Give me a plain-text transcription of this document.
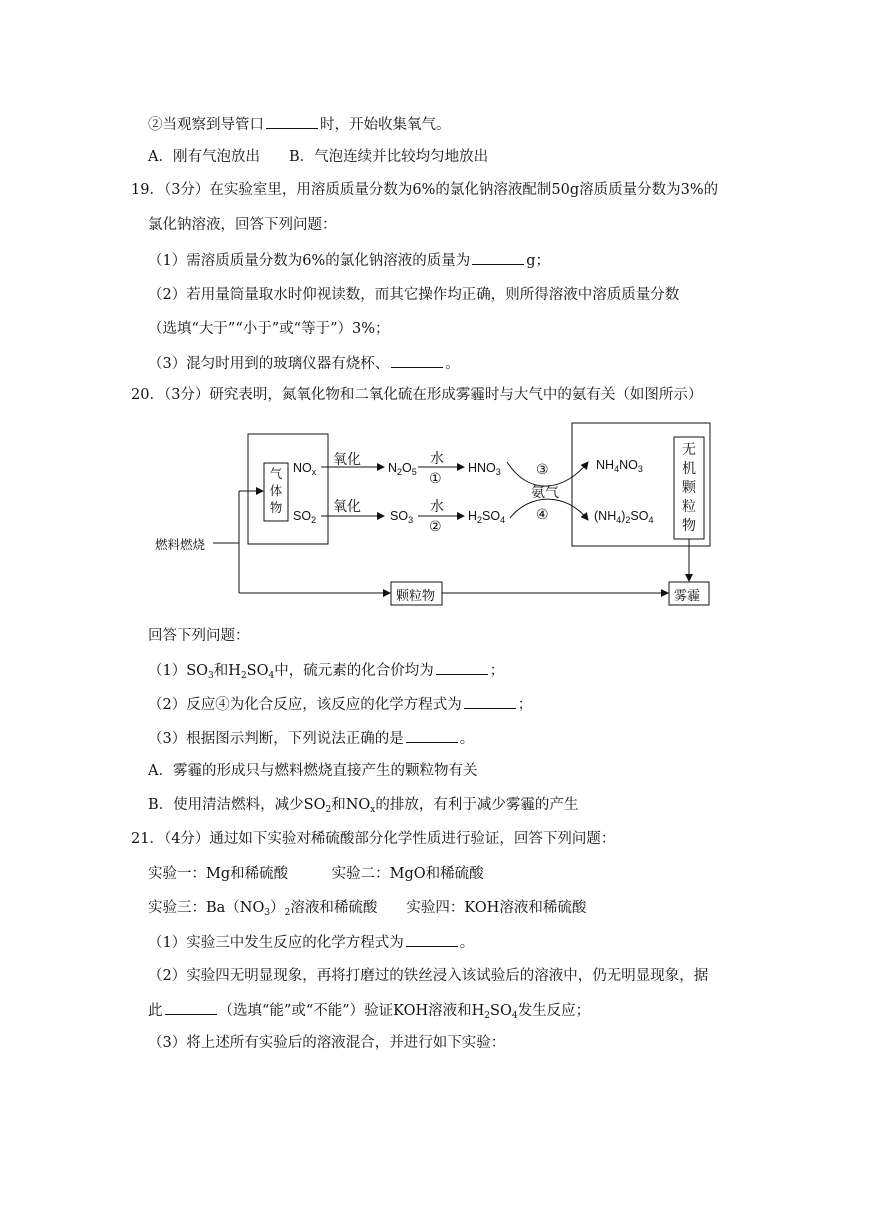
②当观察到导管口	时，开始收集氧气。
A．刚有气泡放出　　B．气泡连续并比较均匀地放出
19．（3分）在实验室里，用溶质质量分数为6%的氯化钠溶液配制50g溶质质量分数为3%的
氯化钠溶液，回答下列问题：
（1）需溶质质量分数为6%的氯化钠溶液的质量为	g；
（2）若用量筒量取水时仰视读数，而其它操作均正确，则所得溶液中溶质质量分数
（选填“大于”“小于”或“等于”）3%；
（3）混匀时用到的玻璃仪器有烧杯、	。
20．（3分）研究表明，氮氧化物和二氧化硫在形成雾霾时与大气中的氨有关（如图所示）
燃料燃烧
气
体
物
$NO_x$
$SO_2$
氧化
氧化
$N_2O_5$
$SO_3$
水
①
水
②
$HNO_3$
$H_2SO_4$
③
氨气
④
$NH_4NO_3$
$(NH_4)_2SO_4$
无
机
颗
粒
物
颗粒物	雾霾
回答下列问题：
$(1)SO_3$和$H_2SO_4$中，硫元素的化合价均为	；
（2）反应④为化合反应，该反应的化学方程式为	；
（3）根据图示判断，下列说法正确的是	。
A．雾霾的形成只与燃料燃烧直接产生的颗粒物有关
B．使用清洁燃料，减少$SO_2$和$NO_x$的排放，有利于减少雾霾的产生
21．（4分）通过如下实验对稀硫酸部分化学性质进行验证，回答下列问题：
实验一：Mg和稀硫酸　　　实验二：MgO和稀硫酸
实验三：$Ba(NO_3)_2$溶液和稀硫酸　　实验四：KOH溶液和稀硫酸
（1）实验三中发生反应的化学方程式为	。
（2）实验四无明显现象，再将打磨过的铁丝浸入该试验后的溶液中，仍无明显现象，据
此	（选填“能”或“不能”）验证KOH溶液和$H_2SO_4$发生反应；
（3）将上述所有实验后的溶液混合，并进行如下实验：
